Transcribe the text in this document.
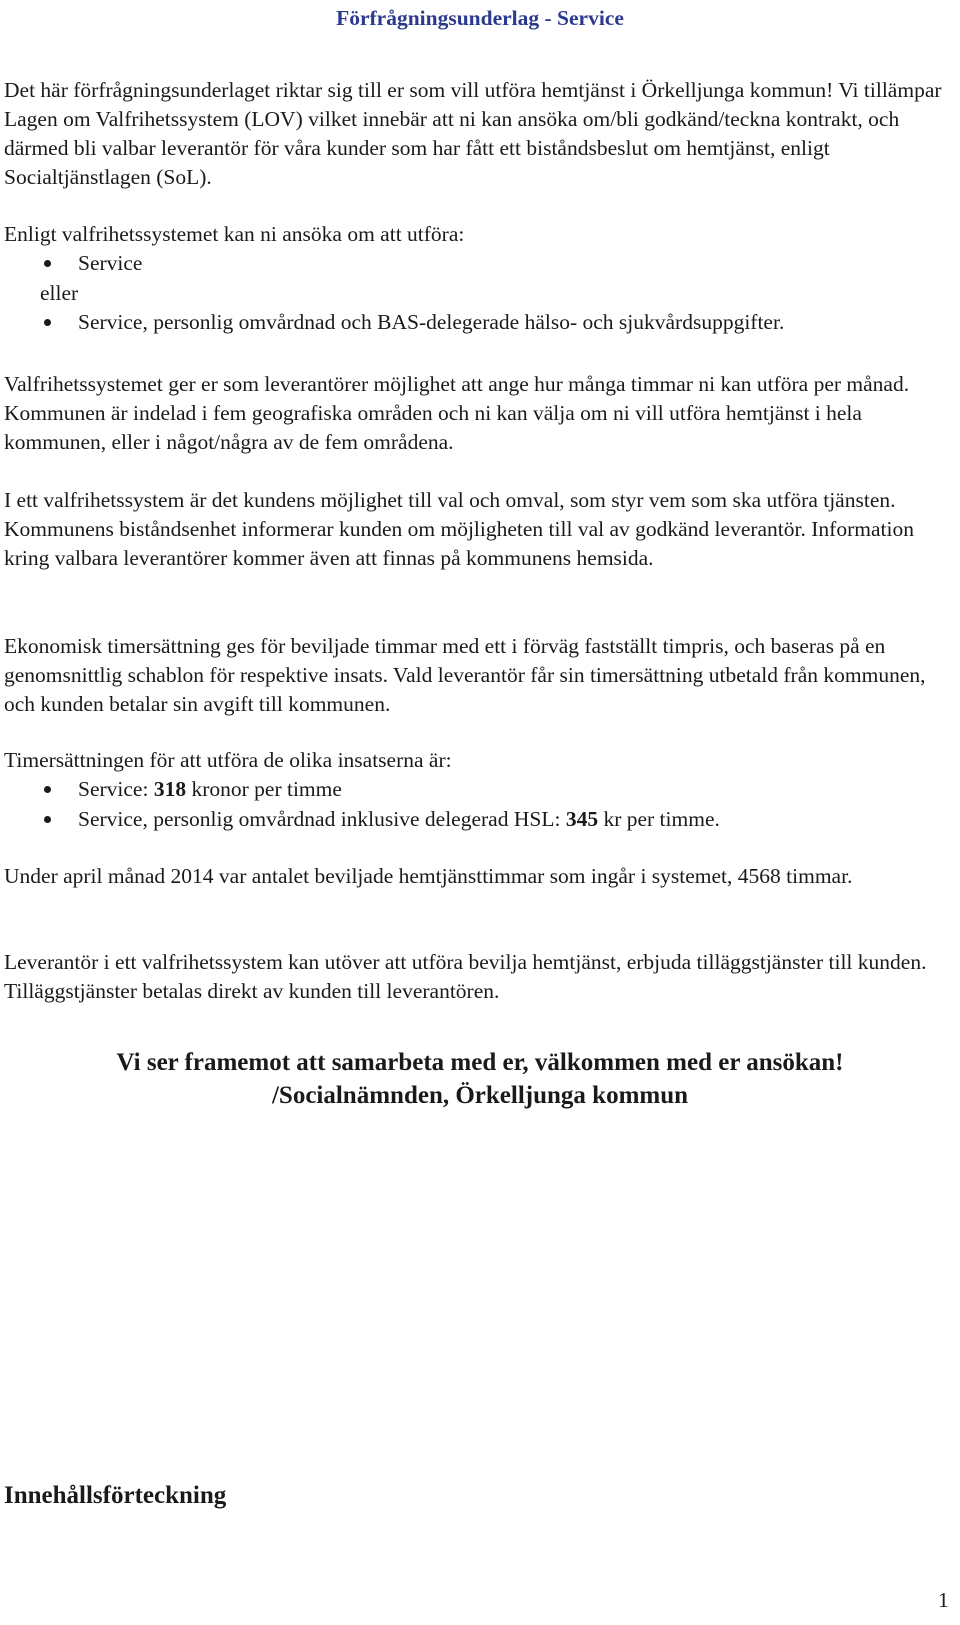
Förfrågningsunderlag - Service

Det här förfrågningsunderlaget riktar sig till er som vill utföra hemtjänst i Örkelljunga kommun! Vi tillämpar Lagen om Valfrihetssystem (LOV) vilket innebär att ni kan ansöka om/bli godkänd/teckna kontrakt, och därmed bli valbar leverantör för våra kunder som har fått ett biståndsbeslut om hemtjänst, enligt Socialtjänstlagen (SoL).

Enligt valfrihetssystemet kan ni ansöka om att utföra:
Service
eller
Service, personlig omvårdnad och BAS-delegerade hälso- och sjukvårdsuppgifter.

Valfrihetssystemet ger er som leverantörer möjlighet att ange hur många timmar ni kan utföra per månad. Kommunen är indelad i fem geografiska områden och ni kan välja om ni vill utföra hemtjänst i hela kommunen, eller i något/några av de fem områdena.

I ett valfrihetssystem är det kundens möjlighet till val och omval, som styr vem som ska utföra tjänsten. Kommunens biståndsenhet informerar kunden om möjligheten till val av godkänd leverantör. Information kring valbara leverantörer kommer även att finnas på kommunens hemsida.

Ekonomisk timersättning ges för beviljade timmar med ett i förväg fastställt timpris, och baseras på en genomsnittlig schablon för respektive insats. Vald leverantör får sin timersättning utbetald från kommunen, och kunden betalar sin avgift till kommunen.

Timersättningen för att utföra de olika insatserna är:
Service: 318 kronor per timme
Service, personlig omvårdnad inklusive delegerad HSL: 345 kr per timme.

Under april månad 2014 var antalet beviljade hemtjänsttimmar som ingår i systemet, 4568 timmar.

Leverantör i ett valfrihetssystem kan utöver att utföra bevilja hemtjänst, erbjuda tilläggstjänster till kunden. Tilläggstjänster betalas direkt av kunden till leverantören.

Vi ser framemot att samarbeta med er, välkommen med er ansökan!
/Socialnämnden, Örkelljunga kommun
Innehållsförteckning
1
